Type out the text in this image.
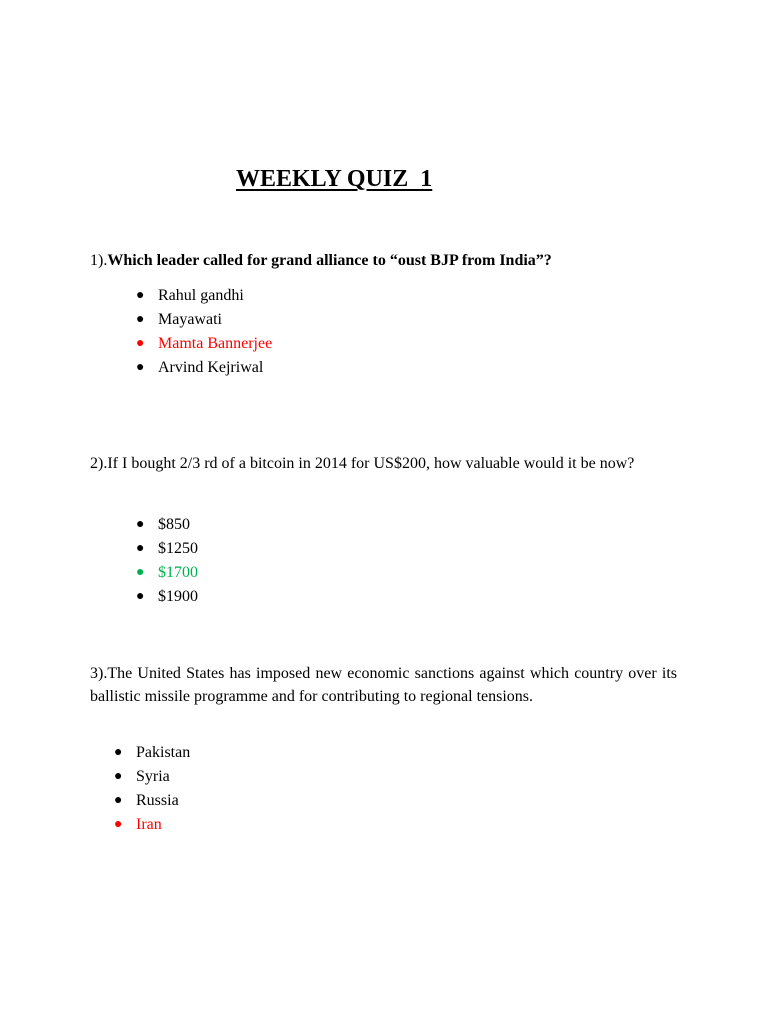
WEEKLY QUIZ  1

1).Which leader called for grand alliance to “oust BJP from India”?

● Rahul gandhi
● Mayawati
● Mamta Bannerjee
● Arvind Kejriwal

2).If I bought 2/3 rd of a bitcoin in 2014 for US$200, how valuable would it be now?

● $850
● $1250
● $1700
● $1900

3).The United States has imposed new economic sanctions against which country over its ballistic missile programme and for contributing to regional tensions.

● Pakistan
● Syria
● Russia
● Iran
